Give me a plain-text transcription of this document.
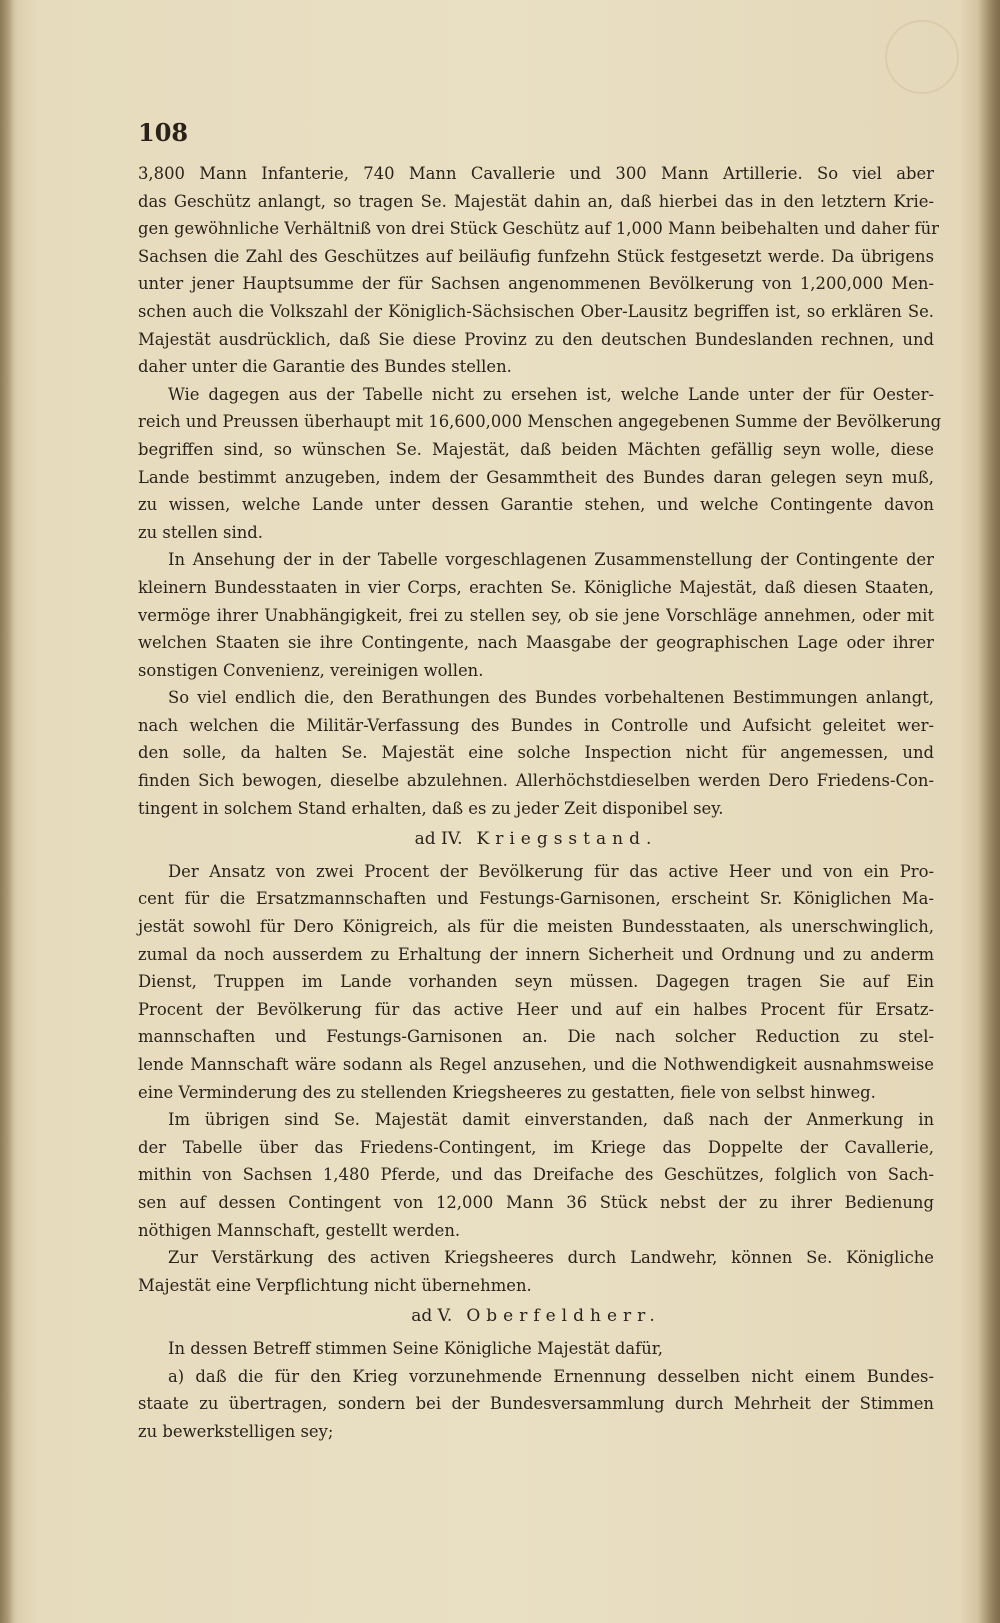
108
3,800 Mann Infanterie, 740 Mann Cavallerie und 300 Mann Artillerie. So viel aber
das Geschütz anlangt, so tragen Se. Majestät dahin an, daß hierbei das in den letztern Krie-
gen gewöhnliche Verhältniß von drei Stück Geschütz auf 1,000 Mann beibehalten und daher für
Sachsen die Zahl des Geschützes auf beiläufig funfzehn Stück festgesetzt werde. Da übrigens
unter jener Hauptsumme der für Sachsen angenommenen Bevölkerung von 1,200,000 Men-
schen auch die Volkszahl der Königlich-Sächsischen Ober-Lausitz begriffen ist, so erklären Se.
Majestät ausdrücklich, daß Sie diese Provinz zu den deutschen Bundeslanden rechnen, und
daher unter die Garantie des Bundes stellen.
Wie dagegen aus der Tabelle nicht zu ersehen ist, welche Lande unter der für Oester-
reich und Preussen überhaupt mit 16,600,000 Menschen angegebenen Summe der Bevölkerung
begriffen sind, so wünschen Se. Majestät, daß beiden Mächten gefällig seyn wolle, diese
Lande bestimmt anzugeben, indem der Gesammtheit des Bundes daran gelegen seyn muß,
zu wissen, welche Lande unter dessen Garantie stehen, und welche Contingente davon
zu stellen sind.
In Ansehung der in der Tabelle vorgeschlagenen Zusammenstellung der Contingente der
kleinern Bundesstaaten in vier Corps, erachten Se. Königliche Majestät, daß diesen Staaten,
vermöge ihrer Unabhängigkeit, frei zu stellen sey, ob sie jene Vorschläge annehmen, oder mit
welchen Staaten sie ihre Contingente, nach Maasgabe der geographischen Lage oder ihrer
sonstigen Convenienz, vereinigen wollen.
So viel endlich die, den Berathungen des Bundes vorbehaltenen Bestimmungen anlangt,
nach welchen die Militär-Verfassung des Bundes in Controlle und Aufsicht geleitet wer-
den solle, da halten Se. Majestät eine solche Inspection nicht für angemessen, und
finden Sich bewogen, dieselbe abzulehnen. Allerhöchstdieselben werden Dero Friedens-Con-
tingent in solchem Stand erhalten, daß es zu jeder Zeit disponibel sey.
ad IV. Kriegsstand.
Der Ansatz von zwei Procent der Bevölkerung für das active Heer und von ein Pro-
cent für die Ersatzmannschaften und Festungs-Garnisonen, erscheint Sr. Königlichen Ma-
jestät sowohl für Dero Königreich, als für die meisten Bundesstaaten, als unerschwinglich,
zumal da noch ausserdem zu Erhaltung der innern Sicherheit und Ordnung und zu anderm
Dienst, Truppen im Lande vorhanden seyn müssen. Dagegen tragen Sie auf Ein
Procent der Bevölkerung für das active Heer und auf ein halbes Procent für Ersatz-
mannschaften und Festungs-Garnisonen an. Die nach solcher Reduction zu stel-
lende Mannschaft wäre sodann als Regel anzusehen, und die Nothwendigkeit ausnahmsweise
eine Verminderung des zu stellenden Kriegsheeres zu gestatten, fiele von selbst hinweg.
Im übrigen sind Se. Majestät damit einverstanden, daß nach der Anmerkung in
der Tabelle über das Friedens-Contingent, im Kriege das Doppelte der Cavallerie,
mithin von Sachsen 1,480 Pferde, und das Dreifache des Geschützes, folglich von Sach-
sen auf dessen Contingent von 12,000 Mann 36 Stück nebst der zu ihrer Bedienung
nöthigen Mannschaft, gestellt werden.
Zur Verstärkung des activen Kriegsheeres durch Landwehr, können Se. Königliche
Majestät eine Verpflichtung nicht übernehmen.
ad V. Oberfeldherr.
In dessen Betreff stimmen Seine Königliche Majestät dafür,
a) daß die für den Krieg vorzunehmende Ernennung desselben nicht einem Bundes-
staate zu übertragen, sondern bei der Bundesversammlung durch Mehrheit der Stimmen
zu bewerkstelligen sey;
